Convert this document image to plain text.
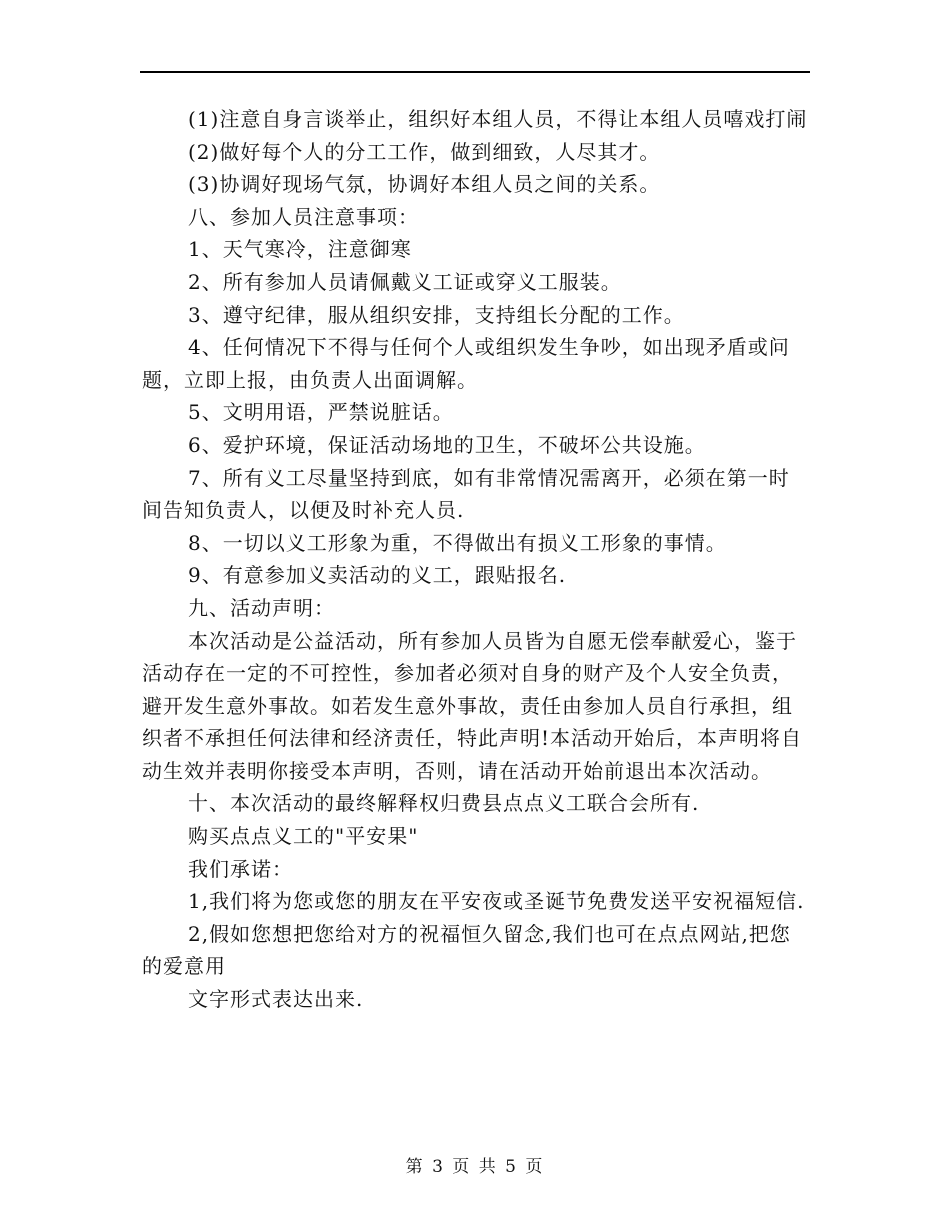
(1)注意自身言谈举止，组织好本组人员，不得让本组人员嘻戏打闹

(2)做好每个人的分工工作，做到细致，人尽其才。

(3)协调好现场气氛，协调好本组人员之间的关系。

八、参加人员注意事项：

1、天气寒冷，注意御寒

2、所有参加人员请佩戴义工证或穿义工服装。

3、遵守纪律，服从组织安排，支持组长分配的工作。

4、任何情况下不得与任何个人或组织发生争吵，如出现矛盾或问题，立即上报，由负责人出面调解。

5、文明用语，严禁说脏话。

6、爱护环境，保证活动场地的卫生，不破坏公共设施。

7、所有义工尽量坚持到底，如有非常情况需离开，必须在第一时间告知负责人，以便及时补充人员.

8、一切以义工形象为重，不得做出有损义工形象的事情。

9、有意参加义卖活动的义工，跟贴报名.

九、活动声明：

本次活动是公益活动，所有参加人员皆为自愿无偿奉献爱心，鉴于活动存在一定的不可控性，参加者必须对自身的财产及个人安全负责，避开发生意外事故。如若发生意外事故，责任由参加人员自行承担，组织者不承担任何法律和经济责任，特此声明!本活动开始后，本声明将自动生效并表明你接受本声明，否则，请在活动开始前退出本次活动。

十、本次活动的最终解释权归费县点点义工联合会所有.

购买点点义工的"平安果"

我们承诺：

1,我们将为您或您的朋友在平安夜或圣诞节免费发送平安祝福短信.

2,假如您想把您给对方的祝福恒久留念,我们也可在点点网站,把您的爱意用

文字形式表达出来.

第 3 页 共 5 页
